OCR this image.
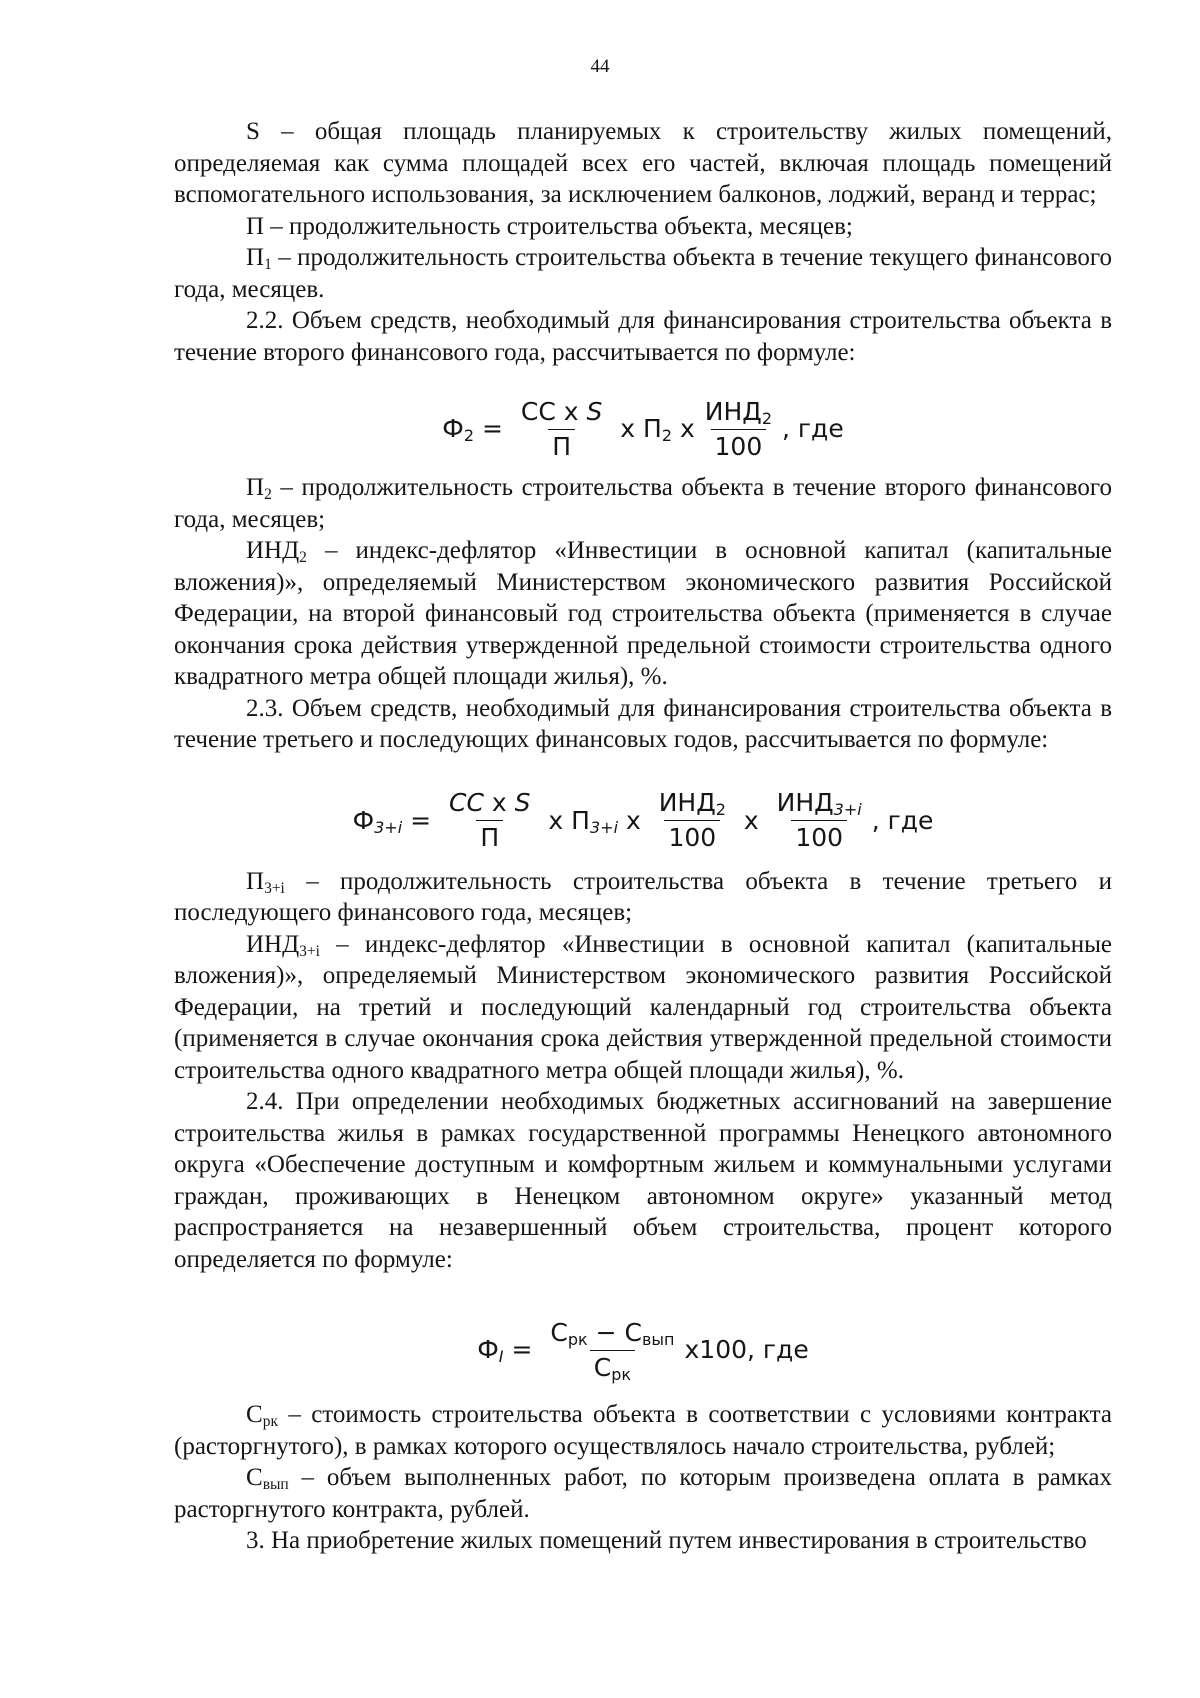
44

S – общая площадь планируемых к строительству жилых помещений, определяемая как сумма площадей всех его частей, включая площадь помещений вспомогательного использования, за исключением балконов, лоджий, веранд и террас;

П – продолжительность строительства объекта, месяцев;

$П_1$ – продолжительность строительства объекта в течение текущего финансового года, месяцев.

2.2. Объем средств, необходимый для финансирования строительства объекта в течение второго финансового года, рассчитывается по формуле:

$Ф_2 = \frac{\text{СС x S}}{П}$ x $П_2$ x $\frac{ИНД_2}{100}$ , где

$П_2$ – продолжительность строительства объекта в течение второго финансового года, месяцев;

$ИНД_2$ – индекс-дефлятор «Инвестиции в основной капитал (капитальные вложения)», определяемый Министерством экономического развития Российской Федерации, на второй финансовый год строительства объекта (применяется в случае окончания срока действия утвержденной предельной стоимости строительства одного квадратного метра общей площади жилья), %.

2.3. Объем средств, необходимый для финансирования строительства объекта в течение третьего и последующих финансовых годов, рассчитывается по формуле:

$Ф_{3+i} = \frac{\text{CC x S}}{П}$ x $П_{3+i}$ x $\frac{ИНД_2}{100}$ x $\frac{ИНД_{3+i}}{100}$ , где

$П_{3+i}$ – продолжительность строительства объекта в течение третьего и последующего финансового года, месяцев;

$ИНД_{3+i}$ – индекс-дефлятор «Инвестиции в основной капитал (капитальные вложения)», определяемый Министерством экономического развития Российской Федерации, на третий и последующий календарный год строительства объекта (применяется в случае окончания срока действия утвержденной предельной стоимости строительства одного квадратного метра общей площади жилья), %.

2.4. При определении необходимых бюджетных ассигнований на завершение строительства жилья в рамках государственной программы Ненецкого автономного округа «Обеспечение доступным и комфортным жильем и коммунальными услугами граждан, проживающих в Ненецком автономном округе» указанный метод распространяется на незавершенный объем строительства, процент которого определяется по формуле:

$Ф_I = \frac{С_{рк} - С_{вып}}{С_{рк}} x100$, где

$С_{рк}$ – стоимость строительства объекта в соответствии с условиями контракта (расторгнутого), в рамках которого осуществлялось начало строительства, рублей;

$С_{вып}$ – объем выполненных работ, по которым произведена оплата в рамках расторгнутого контракта, рублей.

3. На приобретение жилых помещений путем инвестирования в строительство
